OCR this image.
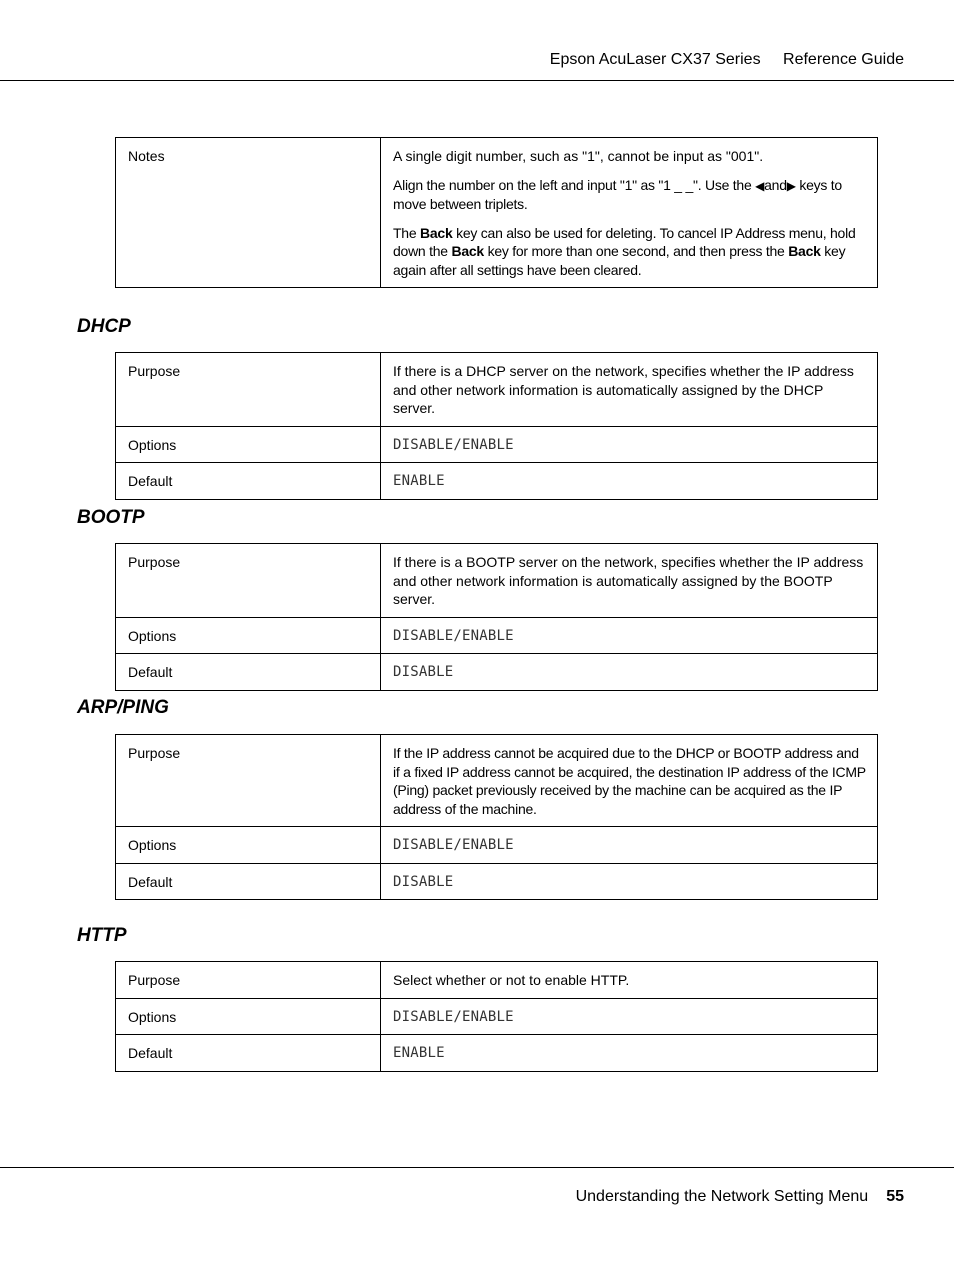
Epson AcuLaser CX37 Series Reference Guide
Notes	A single digit number, such as "1", cannot be input as "001".

Align the number on the left and input "1" as "1 _ _". Use the ◀and▶ keys to move between triplets.

The Back key can also be used for deleting. To cancel IP Address menu, hold down the Back key for more than one second, and then press the Back key again after all settings have been cleared.

DHCP
Purpose	If there is a DHCP server on the network, specifies whether the IP address and other network information is automatically assigned by the DHCP server.
Options	DISABLE/ENABLE
Default	ENABLE
BOOTP
Purpose	If there is a BOOTP server on the network, specifies whether the IP address and other network information is automatically assigned by the BOOTP server.
Options	DISABLE/ENABLE
Default	DISABLE
ARP/PING
Purpose	If the IP address cannot be acquired due to the DHCP or BOOTP address and if a fixed IP address cannot be acquired, the destination IP address of the ICMP (Ping) packet previously received by the machine can be acquired as the IP address of the machine.
Options	DISABLE/ENABLE
Default	DISABLE
HTTP
Purpose	Select whether or not to enable HTTP.
Options	DISABLE/ENABLE
Default	ENABLE
Understanding the Network Setting Menu 55
